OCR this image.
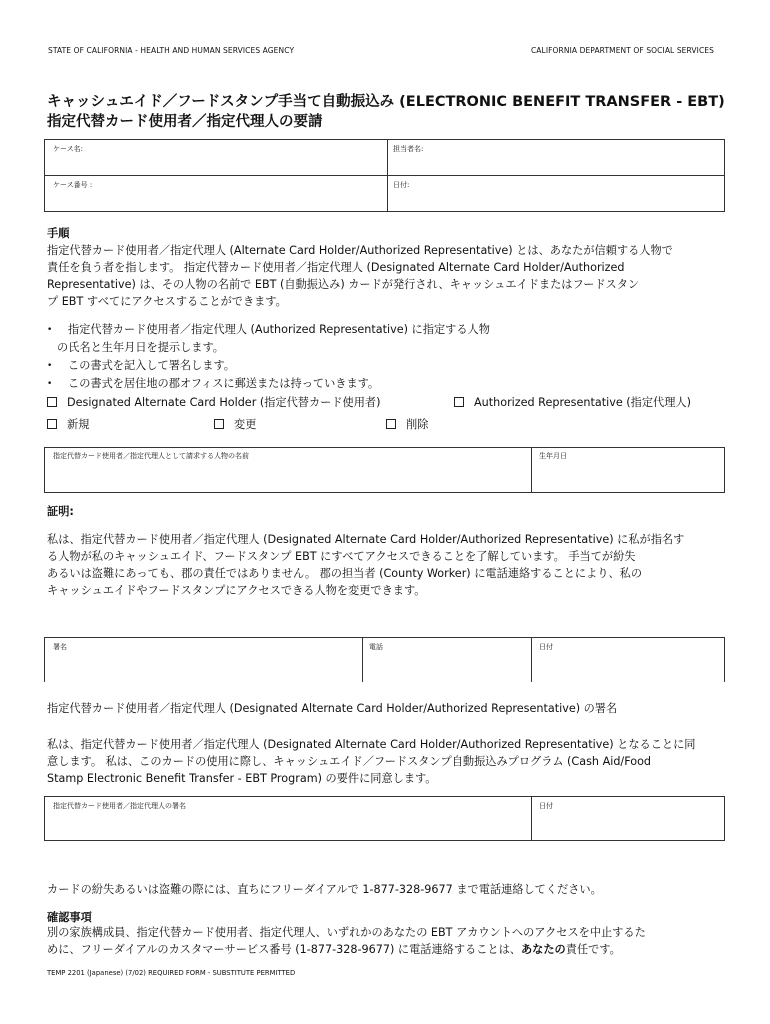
STATE OF CALIFORNIA - HEALTH AND HUMAN SERVICES AGENCY	CALIFORNIA DEPARTMENT OF SOCIAL SERVICES
キャッシュエイド／フードスタンプ手当て自動振込み (ELECTRONIC BENEFIT TRANSFER - EBT)
指定代替カード使用者／指定代理人の要請
ケース名:	担当者名:
ケース番号 :	日付:
手順
指定代替カード使用者／指定代理人 (Alternate Card Holder/Authorized Representative) とは、あなたが信頼する人物で
責任を負う者を指します。 指定代替カード使用者／指定代理人 (Designated Alternate Card Holder/Authorized
Representative) は、その人物の名前で EBT (自動振込み) カードが発行され、キャッシュエイドまたはフードスタン
プ EBT すべてにアクセスすることができます。
• 指定代替カード使用者／指定代理人 (Authorized Representative) に指定する人物
の氏名と生年月日を提示します。
• この書式を記入して署名します。
• この書式を居住地の郡オフィスに郵送または持っていきます。
Designated Alternate Card Holder (指定代替カード使用者)	Authorized Representative (指定代理人)
新規	変更	削除
指定代替カード使用者／指定代理人として請求する人物の名前	生年月日
証明:
私は、指定代替カード使用者／指定代理人 (Designated Alternate Card Holder/Authorized Representative) に私が指名す
る人物が私のキャッシュエイド、フードスタンプ EBT にすべてアクセスできることを了解しています。 手当てが紛失
あるいは盗難にあっても、郡の責任ではありません。 郡の担当者 (County Worker) に電話連絡することにより、私の
キャッシュエイドやフードスタンプにアクセスできる人物を変更できます。
署名	電話	日付
指定代替カード使用者／指定代理人 (Designated Alternate Card Holder/Authorized Representative) の署名
私は、指定代替カード使用者／指定代理人 (Designated Alternate Card Holder/Authorized Representative) となることに同
意します。 私は、このカードの使用に際し、キャッシュエイド／フードスタンプ自動振込みプログラム (Cash Aid/Food
Stamp Electronic Benefit Transfer - EBT Program) の要件に同意します。
指定代替カード使用者／指定代理人の署名	日付
カードの紛失あるいは盗難の際には、直ちにフリーダイアルで 1-877-328-9677 まで電話連絡してください。
確認事項
別の家族構成員、指定代替カード使用者、指定代理人、いずれかのあなたの EBT アカウントへのアクセスを中止するた
めに、フリーダイアルのカスタマーサービス番号 (1-877-328-9677) に電話連絡することは、あなたの責任です。
TEMP 2201 (Japanese) (7/02) REQUIRED FORM - SUBSTITUTE PERMITTED
